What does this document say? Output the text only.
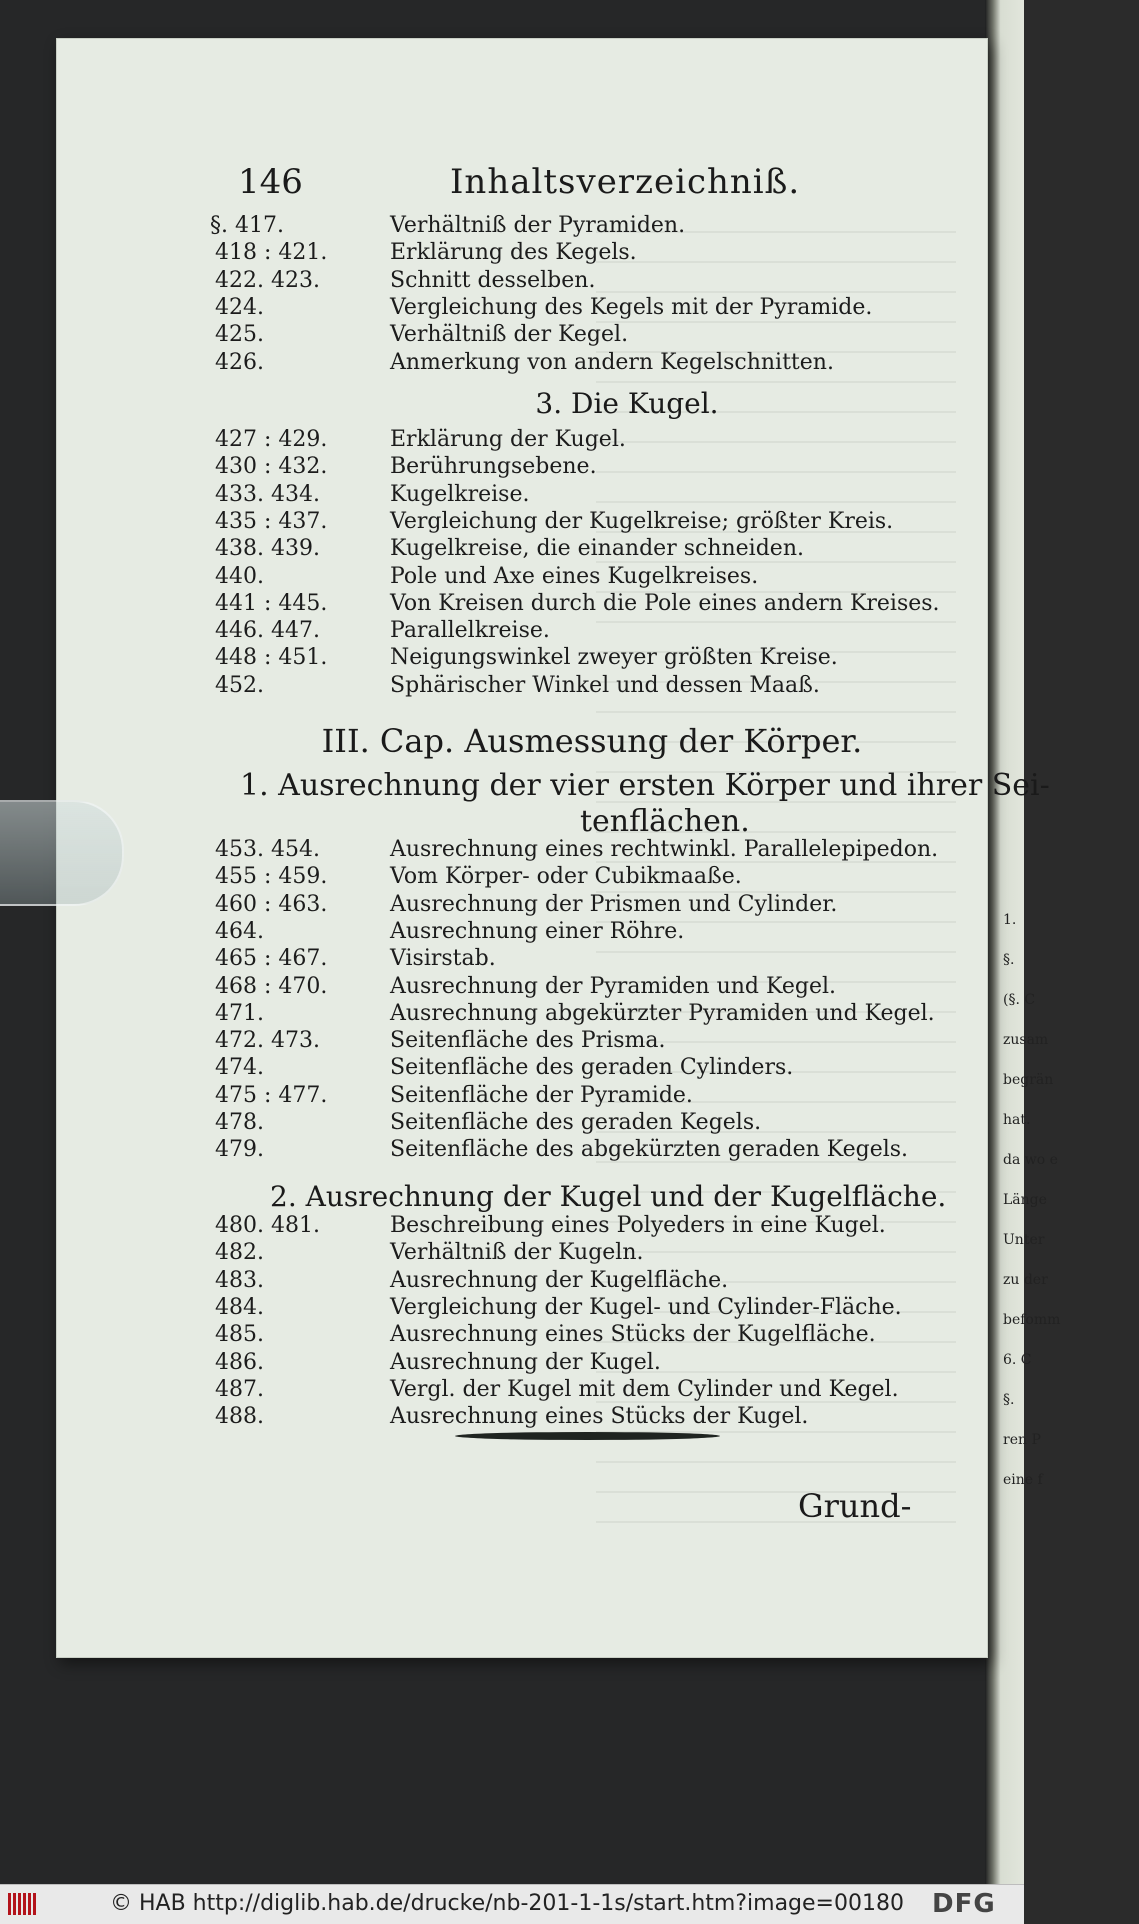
1.
§.
(§. C
zusam
begrän
hat.
da wo e
Länge
Unter
zu der
befomm
6. C
§.
ren P
eine f
146	Inhaltsverzeichniß.
§. 417.	Verhältniß der Pyramiden.
418 : 421.	Erklärung des Kegels.
422. 423.	Schnitt desselben.
424.	Vergleichung des Kegels mit der Pyramide.
425.	Verhältniß der Kegel.
426.	Anmerkung von andern Kegelschnitten.
3. Die Kugel.
427 : 429.	Erklärung der Kugel.
430 : 432.	Berührungsebene.
433. 434.	Kugelkreise.
435 : 437.	Vergleichung der Kugelkreise; größter Kreis.
438. 439.	Kugelkreise, die einander schneiden.
440.	Pole und Axe eines Kugelkreises.
441 : 445.	Von Kreisen durch die Pole eines andern Kreises.
446. 447.	Parallelkreise.
448 : 451.	Neigungswinkel zweyer größten Kreise.
452.	Sphärischer Winkel und dessen Maaß.
III. Cap. Ausmessung der Körper.
1. Ausrechnung der vier ersten Körper und ihrer Sei-
tenflächen.
453. 454.	Ausrechnung eines rechtwinkl. Parallelepipedon.
455 : 459.	Vom Körper- oder Cubikmaaße.
460 : 463.	Ausrechnung der Prismen und Cylinder.
464.	Ausrechnung einer Röhre.
465 : 467.	Visirstab.
468 : 470.	Ausrechnung der Pyramiden und Kegel.
471.	Ausrechnung abgekürzter Pyramiden und Kegel.
472. 473.	Seitenfläche des Prisma.
474.	Seitenfläche des geraden Cylinders.
475 : 477.	Seitenfläche der Pyramide.
478.	Seitenfläche des geraden Kegels.
479.	Seitenfläche des abgekürzten geraden Kegels.
2. Ausrechnung der Kugel und der Kugelfläche.
480. 481.	Beschreibung eines Polyeders in eine Kugel.
482.	Verhältniß der Kugeln.
483.	Ausrechnung der Kugelfläche.
484.	Vergleichung der Kugel- und Cylinder-Fläche.
485.	Ausrechnung eines Stücks der Kugelfläche.
486.	Ausrechnung der Kugel.
487.	Vergl. der Kugel mit dem Cylinder und Kegel.
488.	Ausrechnung eines Stücks der Kugel.
Grund-
© HAB http://diglib.hab.de/drucke/nb-201-1-1s/start.htm?image=00180 DFG
